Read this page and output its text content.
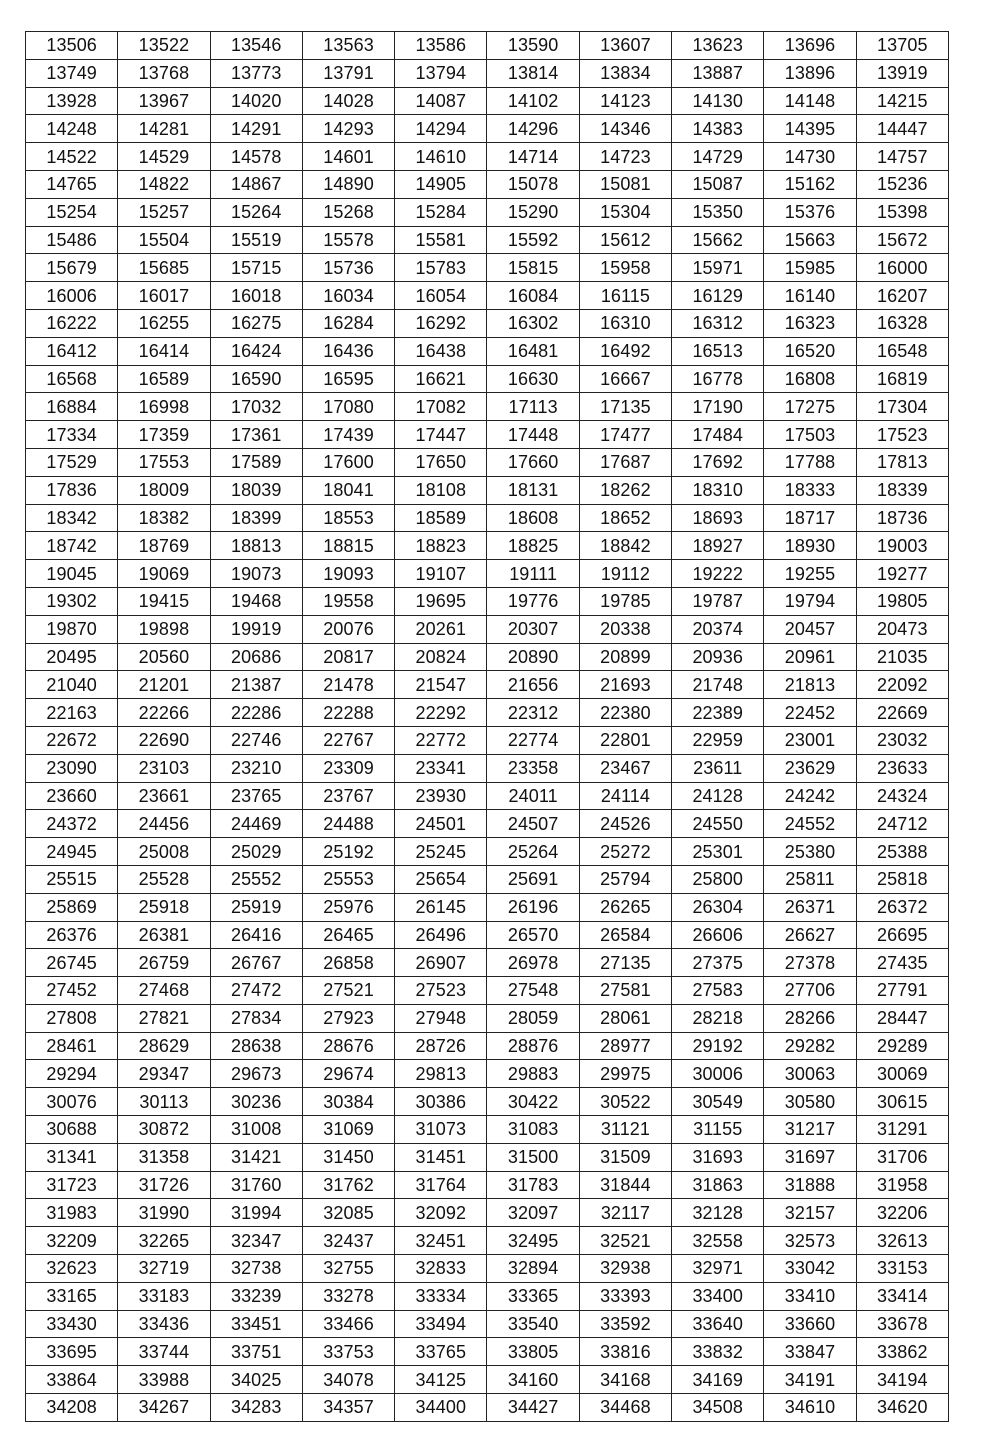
13506	13522	13546	13563	13586	13590	13607	13623	13696	13705
13749	13768	13773	13791	13794	13814	13834	13887	13896	13919
13928	13967	14020	14028	14087	14102	14123	14130	14148	14215
14248	14281	14291	14293	14294	14296	14346	14383	14395	14447
14522	14529	14578	14601	14610	14714	14723	14729	14730	14757
14765	14822	14867	14890	14905	15078	15081	15087	15162	15236
15254	15257	15264	15268	15284	15290	15304	15350	15376	15398
15486	15504	15519	15578	15581	15592	15612	15662	15663	15672
15679	15685	15715	15736	15783	15815	15958	15971	15985	16000
16006	16017	16018	16034	16054	16084	16115	16129	16140	16207
16222	16255	16275	16284	16292	16302	16310	16312	16323	16328
16412	16414	16424	16436	16438	16481	16492	16513	16520	16548
16568	16589	16590	16595	16621	16630	16667	16778	16808	16819
16884	16998	17032	17080	17082	17113	17135	17190	17275	17304
17334	17359	17361	17439	17447	17448	17477	17484	17503	17523
17529	17553	17589	17600	17650	17660	17687	17692	17788	17813
17836	18009	18039	18041	18108	18131	18262	18310	18333	18339
18342	18382	18399	18553	18589	18608	18652	18693	18717	18736
18742	18769	18813	18815	18823	18825	18842	18927	18930	19003
19045	19069	19073	19093	19107	19111	19112	19222	19255	19277
19302	19415	19468	19558	19695	19776	19785	19787	19794	19805
19870	19898	19919	20076	20261	20307	20338	20374	20457	20473
20495	20560	20686	20817	20824	20890	20899	20936	20961	21035
21040	21201	21387	21478	21547	21656	21693	21748	21813	22092
22163	22266	22286	22288	22292	22312	22380	22389	22452	22669
22672	22690	22746	22767	22772	22774	22801	22959	23001	23032
23090	23103	23210	23309	23341	23358	23467	23611	23629	23633
23660	23661	23765	23767	23930	24011	24114	24128	24242	24324
24372	24456	24469	24488	24501	24507	24526	24550	24552	24712
24945	25008	25029	25192	25245	25264	25272	25301	25380	25388
25515	25528	25552	25553	25654	25691	25794	25800	25811	25818
25869	25918	25919	25976	26145	26196	26265	26304	26371	26372
26376	26381	26416	26465	26496	26570	26584	26606	26627	26695
26745	26759	26767	26858	26907	26978	27135	27375	27378	27435
27452	27468	27472	27521	27523	27548	27581	27583	27706	27791
27808	27821	27834	27923	27948	28059	28061	28218	28266	28447
28461	28629	28638	28676	28726	28876	28977	29192	29282	29289
29294	29347	29673	29674	29813	29883	29975	30006	30063	30069
30076	30113	30236	30384	30386	30422	30522	30549	30580	30615
30688	30872	31008	31069	31073	31083	31121	31155	31217	31291
31341	31358	31421	31450	31451	31500	31509	31693	31697	31706
31723	31726	31760	31762	31764	31783	31844	31863	31888	31958
31983	31990	31994	32085	32092	32097	32117	32128	32157	32206
32209	32265	32347	32437	32451	32495	32521	32558	32573	32613
32623	32719	32738	32755	32833	32894	32938	32971	33042	33153
33165	33183	33239	33278	33334	33365	33393	33400	33410	33414
33430	33436	33451	33466	33494	33540	33592	33640	33660	33678
33695	33744	33751	33753	33765	33805	33816	33832	33847	33862
33864	33988	34025	34078	34125	34160	34168	34169	34191	34194
34208	34267	34283	34357	34400	34427	34468	34508	34610	34620
